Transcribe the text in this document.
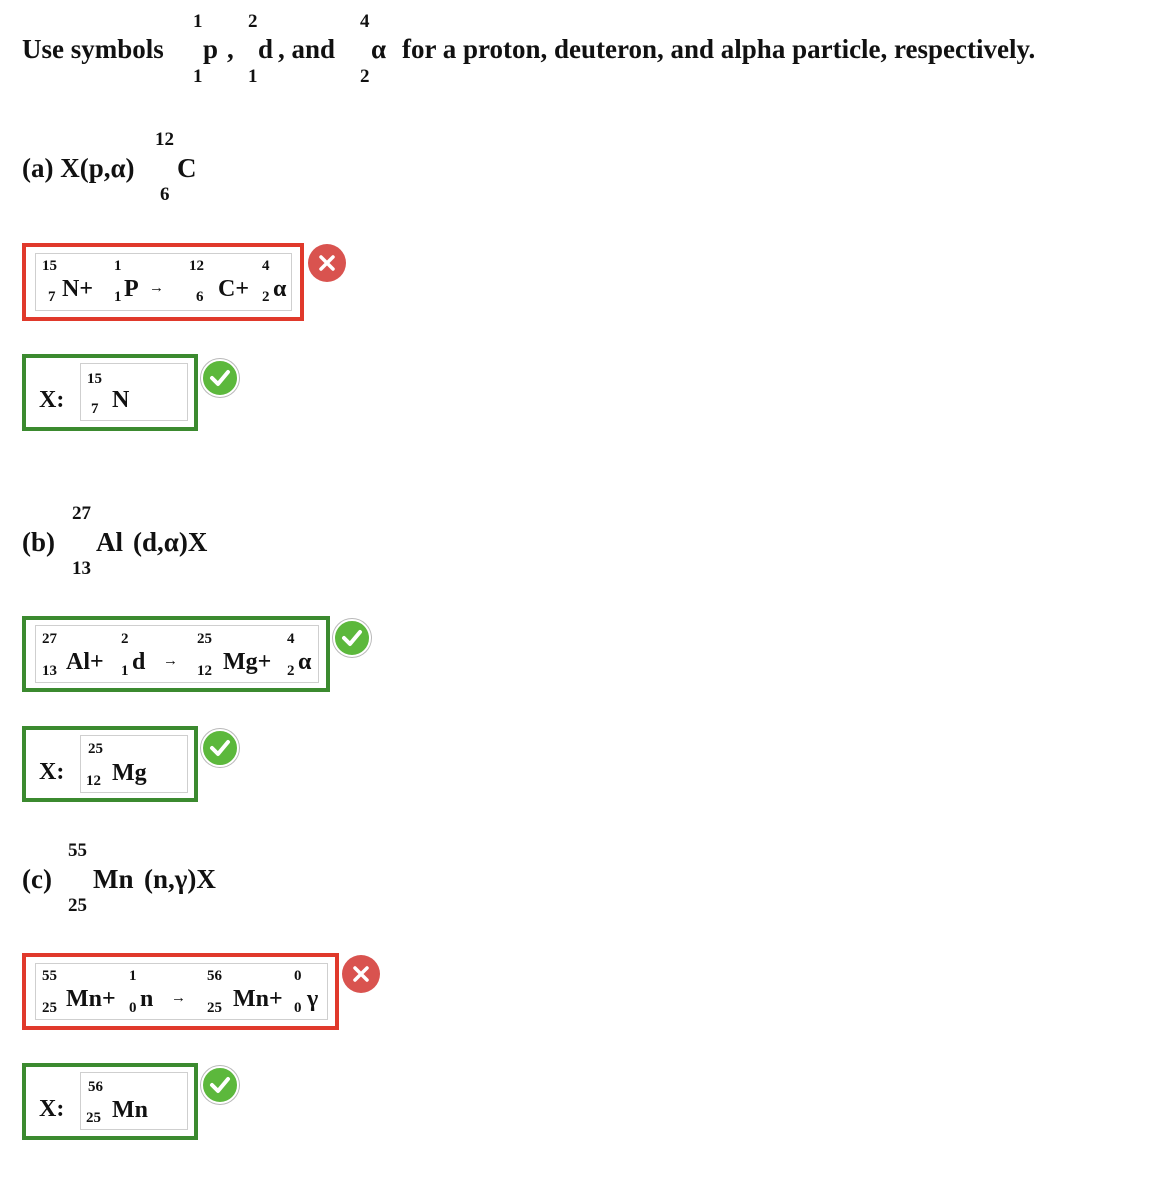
Use symbols
1
1
p ,
2
1
d , and
4
2
α for a proton, deuteron, and alpha particle, respectively.
(a) X(p,α)
12
6
C
15
7 N+
1
1 P →
12
6 C+
4
2 α
X:
15
7 N
(b)
27
13
Al (d,α)X
27
13 Al+
2
1 d →
25
12 Mg+
4
2 α
X:
25
12 Mg
(c)
55
25
Mn (n,γ)X
55
25 Mn+
1
0 n →
56
25 Mn+
0
0 γ
X:
56
25 Mn
